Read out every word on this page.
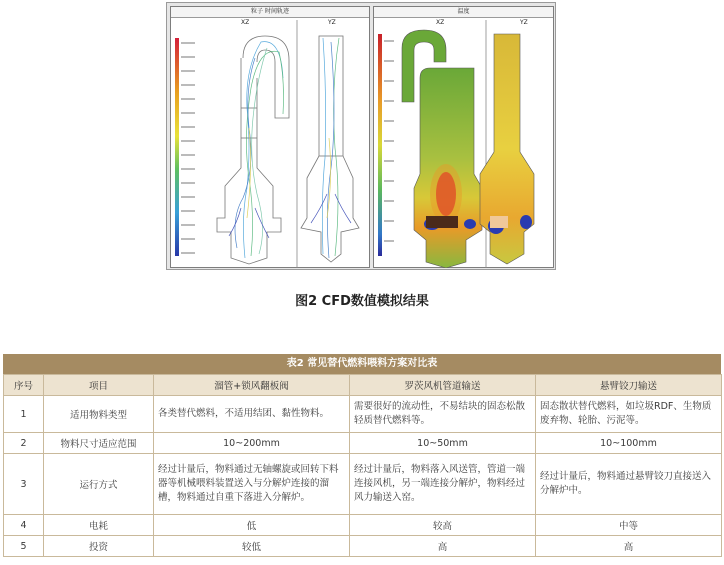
粒子 时间轨迹
XZ	YZ
温度
XZ	YZ
图2 CFD数值模拟结果
表2 常见替代燃料喂料方案对比表
序号	项目	溜管+锁风翻板阀	罗茨风机管道输送	悬臂铰刀输送
1	适用物料类型	各类替代燃料，不适用结团、黏性物料。	需要很好的流动性，不易结块的固态松散轻质替代燃料等。	固态散状替代燃料，如垃圾RDF、生物质废弃物、轮胎、污泥等。
2	物料尺寸适应范围	10~200mm	10~50mm	10~100mm
3	运行方式	经过计量后，物料通过无轴螺旋或回转下料器等机械喂料装置送入与分解炉连接的溜槽，物料通过自重下落进入分解炉。	经过计量后，物料落入风送管，管道一端连接风机，另一端连接分解炉，物料经过风力输送入窑。	经过计量后，物料通过悬臂铰刀直接送入分解炉中。
4	电耗	低	较高	中等
5	投资	较低	高	高
